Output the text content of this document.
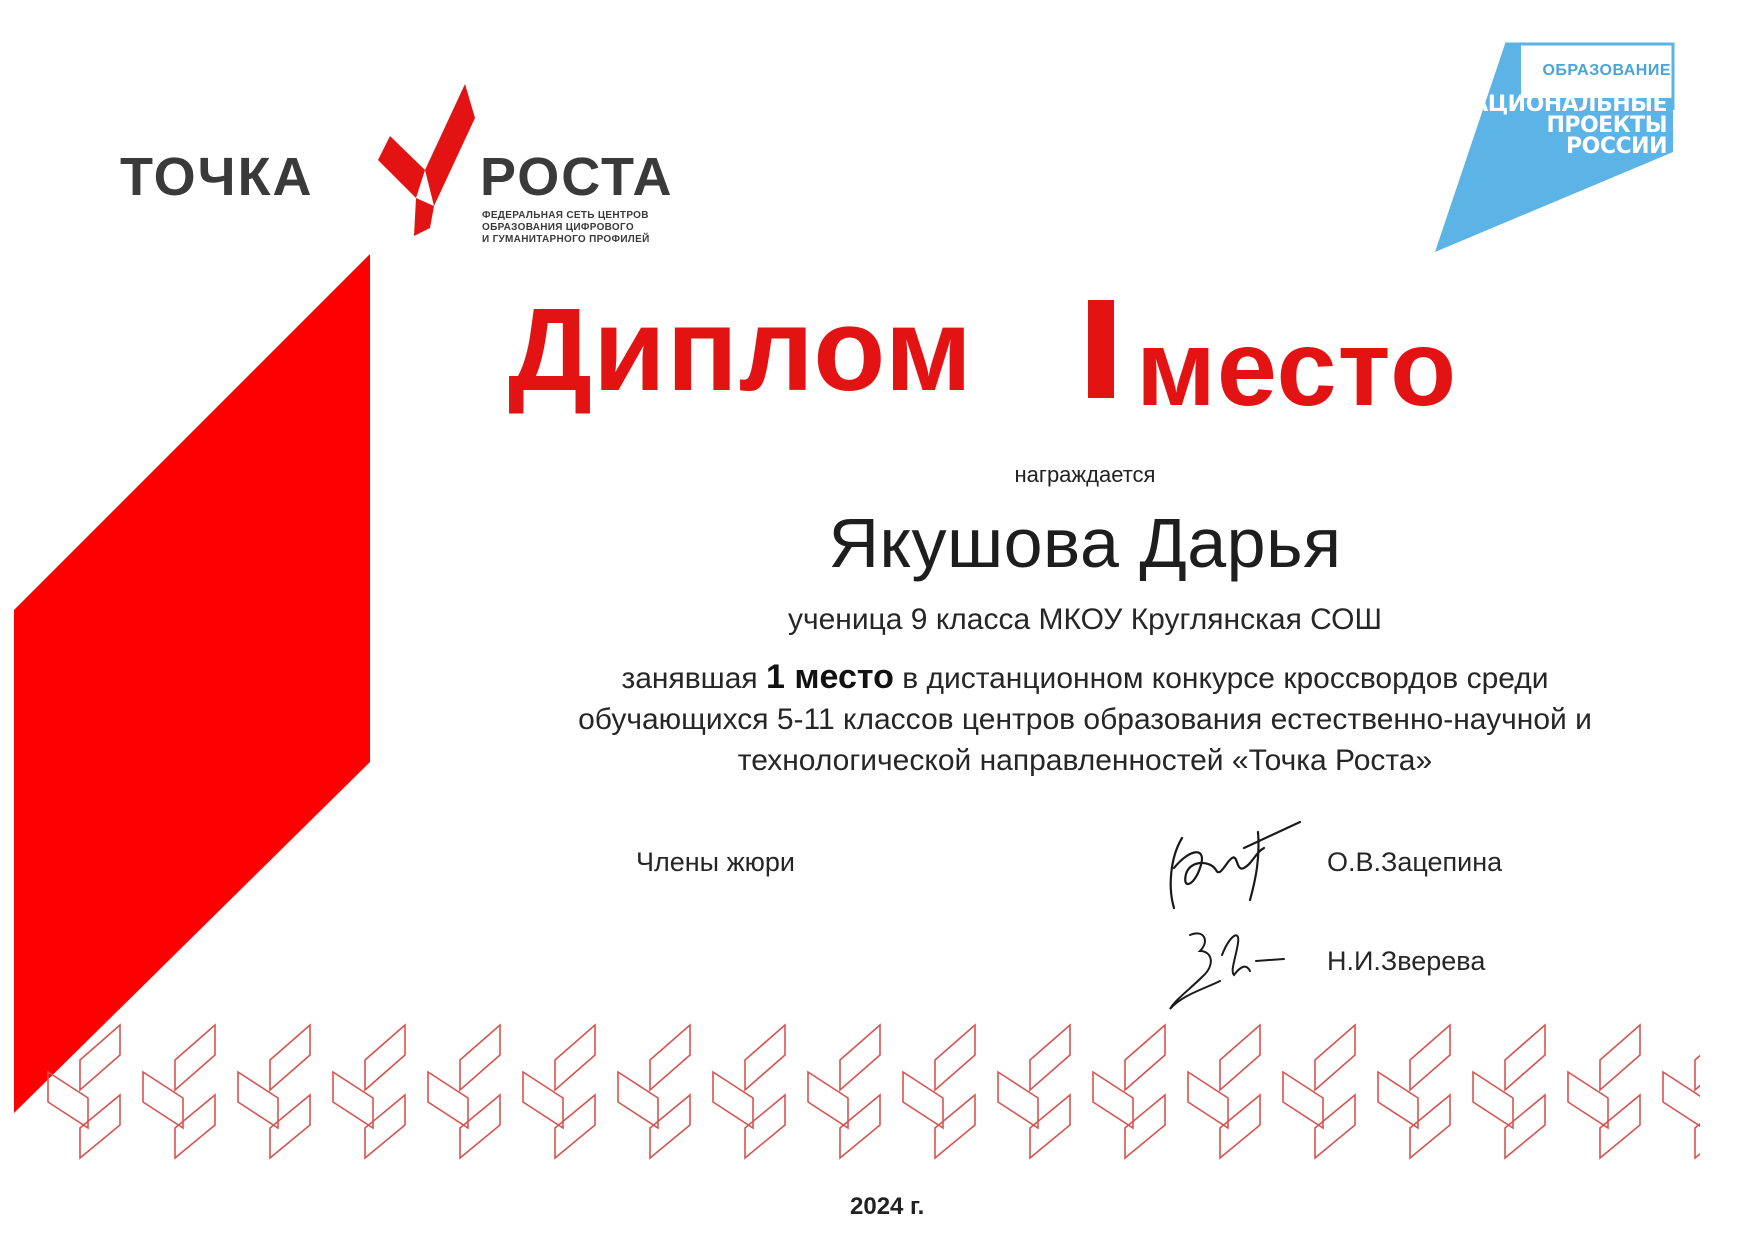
ТОЧКА	РОСТА
ФЕДЕРАЛЬНАЯ СЕТЬ ЦЕНТРОВ
ОБРАЗОВАНИЯ ЦИФРОВОГО
И ГУМАНИТАРНОГО ПРОФИЛЕЙ
ОБРАЗОВАНИЕ
НАЦИОНАЛЬНЫЕ
ПРОЕКТЫ
РОССИИ
Диплом место
награждается
Якушова Дарья
ученица 9 класса МКОУ Круглянская СОШ
занявшая 1 место в дистанционном конкурсе кроссвордов среди
обучающихся 5-11 классов центров образования естественно-научной и
технологической направленностей «Точка Роста»
Члены жюри	О.В.Зацепина
Н.И.Зверева
2024 г.
